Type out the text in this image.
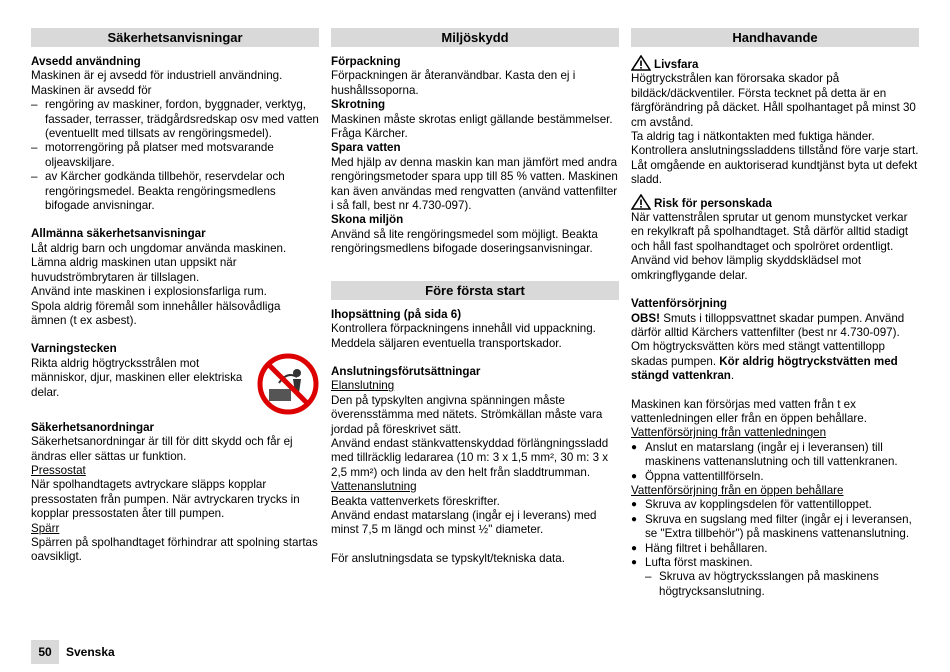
Säkerhetsanvisningar
Avsedd användning
Maskinen är ej avsedd för industriell användning.
Maskinen är avsedd för
– rengöring av maskiner, fordon, byggnader, verktyg, fassader, terrasser, trädgårdsredskap osv med vatten (eventuellt med tillsats av rengöringsmedel).
– motorrengöring på platser med motsvarande oljeavskiljare.
– av Kärcher godkända tillbehör, reservdelar och rengöringsmedel. Beakta rengöringsmedlens bifogade anvisningar.
Allmänna säkerhetsanvisningar
Låt aldrig barn och ungdomar använda maskinen.
Lämna aldrig maskinen utan uppsikt när huvudströmbrytaren är tillslagen.
Använd inte maskinen i explosionsfarliga rum.
Spola aldrig föremål som innehåller hälsovådliga ämnen (t ex asbest).
Varningstecken
Rikta aldrig högtrycksstrålen mot människor, djur, maskinen eller elektriska delar.
Säkerhetsanordningar
Säkerhetsanordningar är till för ditt skydd och får ej ändras eller sättas ur funktion.
Pressostat
När spolhandtagets avtryckare släpps kopplar pressostaten från pumpen. När avtryckaren trycks in kopplar pressostaten åter till pumpen.
Spärr
Spärren på spolhandtaget förhindrar att spolning startas oavsikligt.
Miljöskydd
Förpackning
Förpackningen är återanvändbar. Kasta den ej i hushållssoporna.
Skrotning
Maskinen måste skrotas enligt gällande bestämmelser. Fråga Kärcher.
Spara vatten
Med hjälp av denna maskin kan man jämfört med andra rengöringsmetoder spara upp till 85 % vatten. Maskinen kan även användas med rengvatten (använd vattenfilter i så fall, best nr 4.730-097).
Skona miljön
Använd så lite rengöringsmedel som möjligt. Beakta rengöringsmedlens bifogade doseringsanvisningar.
Före första start
Ihopsättning (på sida 6)
Kontrollera förpackningens innehåll vid uppackning. Meddela säljaren eventuella transportskador.
Anslutningsförutsättningar
Elanslutning
Den på typskylten angivna spänningen måste överensstämma med nätets. Strömkällan måste vara jordad på föreskrivet sätt.
Använd endast stänkvattenskyddad förlängningssladd med tillräcklig ledararea (10 m: 3 x 1,5 mm², 30 m: 3 x 2,5 mm²) och linda av den helt från sladdtrumman.
Vattenanslutning
Beakta vattenverkets föreskrifter.
Använd endast matarslang (ingår ej i leverans) med minst 7,5 m längd och minst ½" diameter.
För anslutningsdata se typskylt/tekniska data.
Handhavande
Livsfara
Högtryckstrålen kan förorsaka skador på bildäck/däckventiler. Första tecknet på detta är en färgförändring på däcket. Håll spolhantaget på minst 30 cm avstånd.
Ta aldrig tag i nätkontakten med fuktiga händer. Kontrollera anslutningssladdens tillstånd före varje start. Låt omgående en auktoriserad kundtjänst byta ut defekt sladd.
Risk för personskada
När vattenstrålen sprutar ut genom munstycket verkar en rekylkraft på spolhandtaget. Stå därför alltid stadigt och håll fast spolhandtaget och spolröret ordentligt.
Använd vid behov lämplig skyddsklädsel mot omkringflygande delar.
Vattenförsörjning
OBS! Smuts i tilloppsvattnet skadar pumpen. Använd därför alltid Kärchers vattenfilter (best nr 4.730-097).
Om högtrycksvätten körs med stängt vattentillopp skadas pumpen. Kör aldrig högtryckstvätten med stängd vattenkran.
Maskinen kan försörjas med vatten från t ex vattenledningen eller från en öppen behållare.
Vattenförsörjning från vattenledningen
● Anslut en matarslang (ingår ej i leveransen) till maskinens vattenanslutning och till vattenkranen.
● Öppna vattentillförseln.
Vattenförsörjning från en öppen behållare
● Skruva av kopplingsdelen för vattentilloppet.
● Skruva en sugslang med filter (ingår ej i leveransen, se "Extra tillbehör") på maskinens vattenanslutning.
● Häng filtret i behållaren.
● Lufta först maskinen.
– Skruva av högtrycksslangen på maskinens högtrycksanslutning.
50	Svenska
